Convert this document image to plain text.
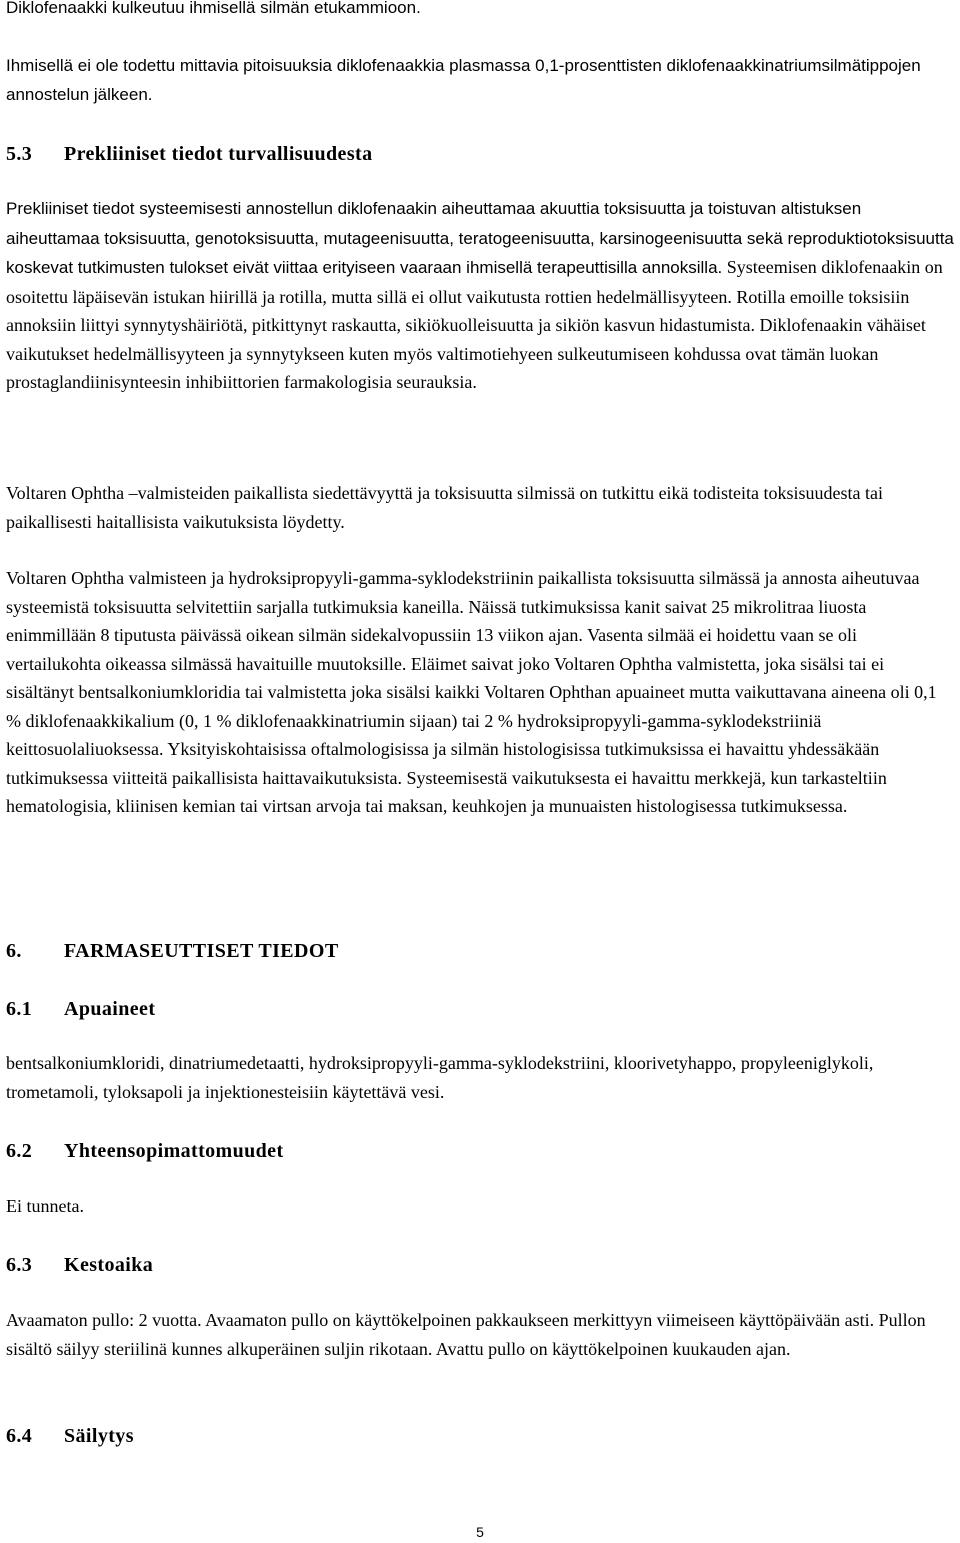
Diklofenaakki kulkeutuu ihmisellä silmän etukammioon.

Ihmisellä ei ole todettu mittavia pitoisuuksia diklofenaakkia plasmassa 0,1-prosenttisten diklofenaakkinatriumsilmätippojen annostelun jälkeen.

5.3 Prekliiniset tiedot turvallisuudesta

Prekliiniset tiedot systeemisesti annostellun diklofenaakin aiheuttamaa akuuttia toksisuutta ja toistuvan altistuksen aiheuttamaa toksisuutta, genotoksisuutta, mutageenisuutta, teratogeenisuutta, karsinogeenisuutta sekä reproduktiotoksisuutta koskevat tutkimusten tulokset eivät viittaa erityiseen vaaraan ihmisellä terapeuttisilla annoksilla. Systeemisen diklofenaakin on osoitettu läpäisevän istukan hiirillä ja rotilla, mutta sillä ei ollut vaikutusta rottien hedelmällisyyteen. Rotilla emoille toksisiin annoksiin liittyi synnytyshäiriötä, pitkittynyt raskautta, sikiökuolleisuutta ja sikiön kasvun hidastumista. Diklofenaakin vähäiset vaikutukset hedelmällisyyteen ja synnytykseen kuten myös valtimotiehyeen sulkeutumiseen kohdussa ovat tämän luokan prostaglandiinisynteesin inhibiittorien farmakologisia seurauksia.

Voltaren Ophtha –valmisteiden paikallista siedettävyyttä ja toksisuutta silmissä on tutkittu eikä todisteita toksisuudesta tai paikallisesti haitallisista vaikutuksista löydetty.

Voltaren Ophtha valmisteen ja hydroksipropyyli-gamma-syklodekstriinin paikallista toksisuutta silmässä ja annosta aiheutuvaa systeemistä toksisuutta selvitettiin sarjalla tutkimuksia kaneilla. Näissä tutkimuksissa kanit saivat 25 mikrolitraa liuosta enimmillään 8 tiputusta päivässä oikean silmän sidekalvopussiin 13 viikon ajan. Vasenta silmää ei hoidettu vaan se oli vertailukohta oikeassa silmässä havaituille muutoksille. Eläimet saivat joko Voltaren Ophtha valmistetta, joka sisälsi tai ei sisältänyt bentsalkoniumkloridia tai valmistetta joka sisälsi kaikki Voltaren Ophthan apuaineet mutta vaikuttavana aineena oli 0,1 % diklofenaakkikalium (0, 1 % diklofenaakkinatriumin sijaan) tai 2 % hydroksipropyyli-gamma-syklodekstriiniä keittosuolaliuoksessa. Yksityiskohtaisissa oftalmologisissa ja silmän histologisissa tutkimuksissa ei havaittu yhdessäkään tutkimuksessa viitteitä paikallisista haittavaikutuksista. Systeemisestä vaikutuksesta ei havaittu merkkejä, kun tarkasteltiin hematologisia, kliinisen kemian tai virtsan arvoja tai maksan, keuhkojen ja munuaisten histologisessa tutkimuksessa.

6. FARMASEUTTISET TIEDOT
6.1 Apuaineet

bentsalkoniumkloridi, dinatriumedetaatti, hydroksipropyyli-gamma-syklodekstriini, kloorivetyhappo, propyleeniglykoli, trometamoli, tyloksapoli ja injektionesteisiin käytettävä vesi.

6.2 Yhteensopimattomuudet

Ei tunneta.

6.3 Kestoaika

Avaamaton pullo: 2 vuotta. Avaamaton pullo on käyttökelpoinen pakkaukseen merkittyyn viimeiseen käyttöpäivään asti. Pullon sisältö säilyy steriilinä kunnes alkuperäinen suljin rikotaan. Avattu pullo on käyttökelpoinen kuukauden ajan.

6.4 Säilytys
5
